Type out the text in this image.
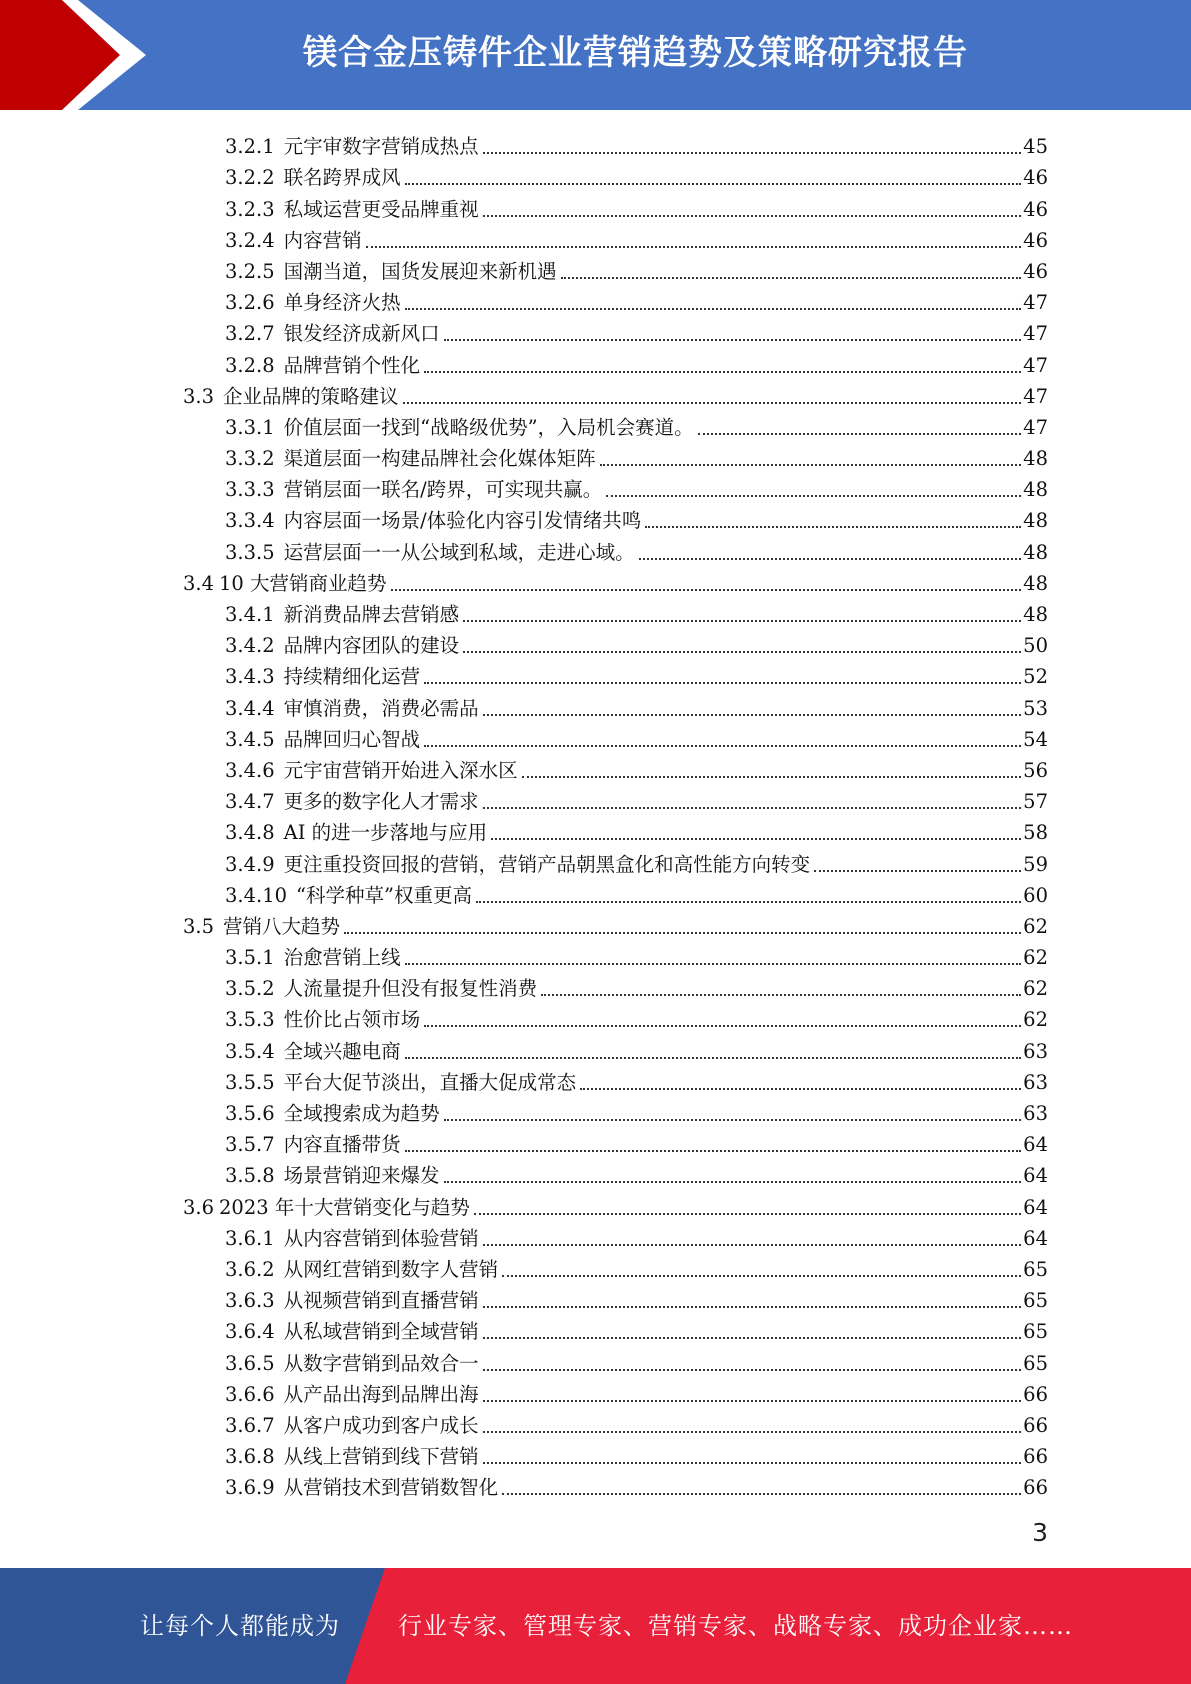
镁合金压铸件企业营销趋势及策略研究报告
3.2.1 元宇审数字营销成热点	45
3.2.2 联名跨界成风	46
3.2.3 私域运营更受品牌重视	46
3.2.4 内容营销	46
3.2.5 国潮当道，国货发展迎来新机遇	46
3.2.6 单身经济火热	47
3.2.7 银发经济成新风口	47
3.2.8 品牌营销个性化	47
3.3 企业品牌的策略建议	47
3.3.1 价值层面一找到“战略级优势”，入局机会赛道。	47
3.3.2 渠道层面一构建品牌社会化媒体矩阵	48
3.3.3 营销层面一联名/跨界，可实现共赢。	48
3.3.4 内容层面一场景/体验化内容引发情绪共鸣	48
3.3.5 运营层面一一从公域到私域，走进心域。	48
3.4 10 大营销商业趋势	48
3.4.1 新消费品牌去营销感	48
3.4.2 品牌内容团队的建设	50
3.4.3 持续精细化运营	52
3.4.4 审慎消费，消费必需品	53
3.4.5 品牌回归心智战	54
3.4.6 元宇宙营销开始进入深水区	56
3.4.7 更多的数字化人才需求	57
3.4.8 AI 的进一步落地与应用	58
3.4.9 更注重投资回报的营销，营销产品朝黑盒化和高性能方向转变	59
3.4.10 “科学种草”权重更高	60
3.5 营销八大趋势	62
3.5.1 治愈营销上线	62
3.5.2 人流量提升但没有报复性消费	62
3.5.3 性价比占领市场	62
3.5.4 全域兴趣电商	63
3.5.5 平台大促节淡出，直播大促成常态	63
3.5.6 全域搜索成为趋势	63
3.5.7 内容直播带货	64
3.5.8 场景营销迎来爆发	64
3.6 2023 年十大营销变化与趋势	64
3.6.1 从内容营销到体验营销	64
3.6.2 从网红营销到数字人营销	65
3.6.3 从视频营销到直播营销	65
3.6.4 从私域营销到全域营销	65
3.6.5 从数字营销到品效合一	65
3.6.6 从产品出海到品牌出海	66
3.6.7 从客户成功到客户成长	66
3.6.8 从线上营销到线下营销	66
3.6.9 从营销技术到营销数智化	66
3
让每个人都能成为 行业专家、管理专家、营销专家、战略专家、成功企业家……
